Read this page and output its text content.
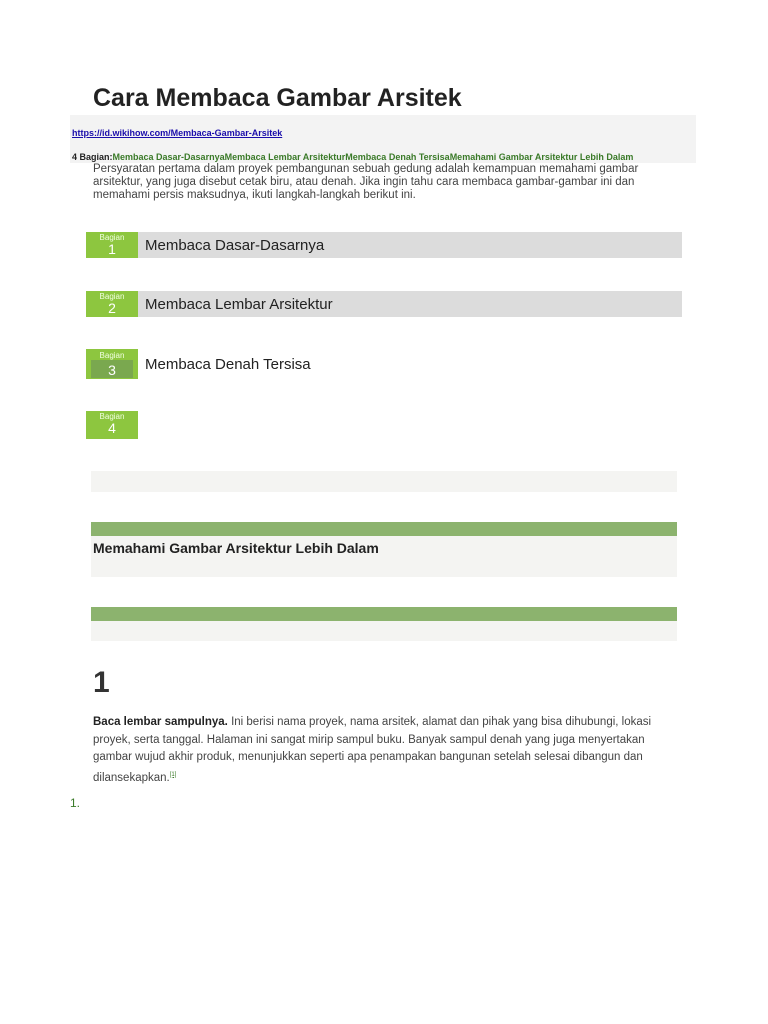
Cara Membaca Gambar Arsitek
https://id.wikihow.com/Membaca-Gambar-Arsitek
4 Bagian:Membaca Dasar-DasarnyaMembaca Lembar ArsitekturMembaca Denah TersisaMemahami Gambar Arsitektur Lebih Dalam

Persyaratan pertama dalam proyek pembangunan sebuah gedung adalah kemampuan memahami gambar arsitektur, yang juga disebut cetak biru, atau denah. Jika ingin tahu cara membaca gambar-gambar ini dan memahami persis maksudnya, ikuti langkah-langkah berikut ini.

Bagian
1	Membaca Dasar-Dasarnya
Bagian
2	Membaca Lembar Arsitektur
Bagian
3	Membaca Denah Tersisa
Bagian
4
Memahami Gambar Arsitektur Lebih Dalam
1

Baca lembar sampulnya. Ini berisi nama proyek, nama arsitek, alamat dan pihak yang bisa dihubungi, lokasi proyek, serta tanggal. Halaman ini sangat mirip sampul buku. Banyak sampul denah yang juga menyertakan gambar wujud akhir produk, menunjukkan seperti apa penampakan bangunan setelah selesai dibangun dan dilansekapkan.[1]

1.
